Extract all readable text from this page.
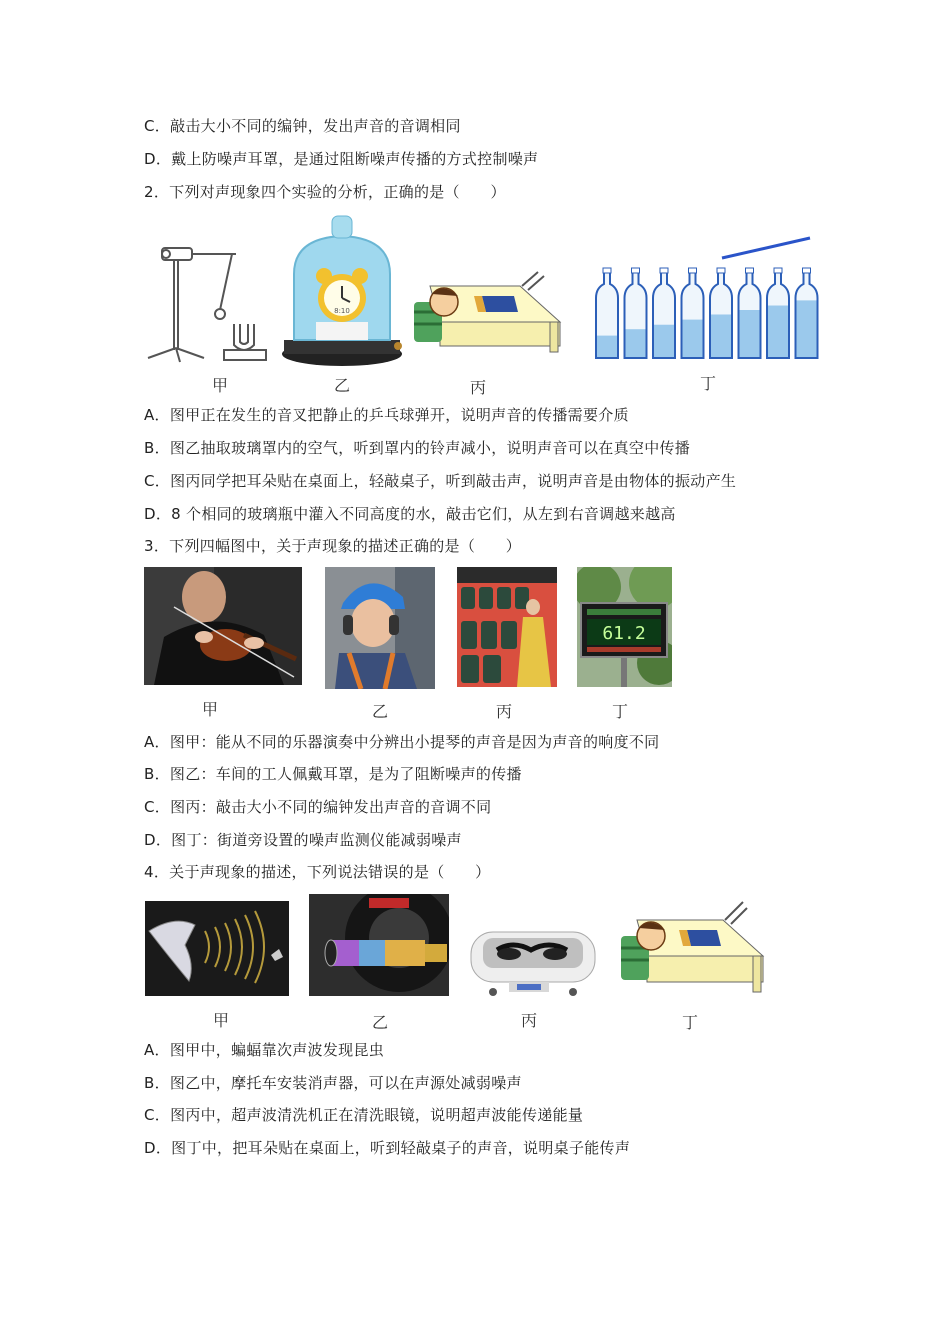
C．敲击大小不同的编钟，发出声音的音调相同
D．戴上防噪声耳罩，是通过阻断噪声传播的方式控制噪声
2．下列对声现象四个实验的分析，正确的是（　　）
甲
8:10
乙	丙	丁
A．图甲正在发生的音叉把静止的乒乓球弹开，说明声音的传播需要介质
B．图乙抽取玻璃罩内的空气，听到罩内的铃声减小，说明声音可以在真空中传播
C．图丙同学把耳朵贴在桌面上，轻敲桌子，听到敲击声，说明声音是由物体的振动产生
D．8 个相同的玻璃瓶中灌入不同高度的水，敲击它们，从左到右音调越来越高
3．下列四幅图中，关于声现象的描述正确的是（　　）
甲	乙	丙
61.2
丁
A．图甲：能从不同的乐器演奏中分辨出小提琴的声音是因为声音的响度不同
B．图乙：车间的工人佩戴耳罩，是为了阻断噪声的传播
C．图丙：敲击大小不同的编钟发出声音的音调不同
D．图丁：街道旁设置的噪声监测仪能减弱噪声
4．关于声现象的描述，下列说法错误的是（　　）
甲	乙	丙	丁
A．图甲中，蝙蝠靠次声波发现昆虫
B．图乙中，摩托车安装消声器，可以在声源处减弱噪声
C．图丙中，超声波清洗机正在清洗眼镜，说明超声波能传递能量
D．图丁中，把耳朵贴在桌面上，听到轻敲桌子的声音，说明桌子能传声
